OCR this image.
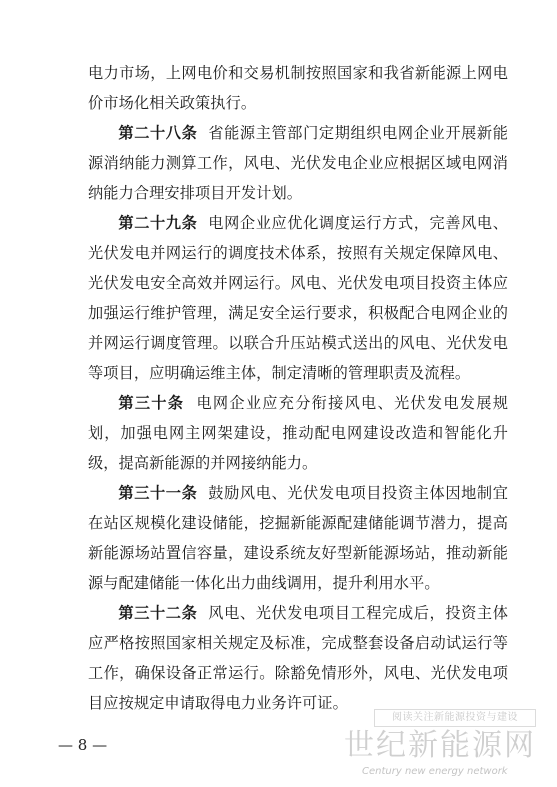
电力市场，上网电价和交易机制按照国家和我省新能源上网电价市场化相关政策执行。

第二十八条 省能源主管部门定期组织电网企业开展新能源消纳能力测算工作，风电、光伏发电企业应根据区域电网消纳能力合理安排项目开发计划。

第二十九条 电网企业应优化调度运行方式，完善风电、光伏发电并网运行的调度技术体系，按照有关规定保障风电、光伏发电安全高效并网运行。风电、光伏发电项目投资主体应加强运行维护管理，满足安全运行要求，积极配合电网企业的并网运行调度管理。以联合升压站模式送出的风电、光伏发电等项目，应明确运维主体，制定清晰的管理职责及流程。

第三十条 电网企业应充分衔接风电、光伏发电发展规划，加强电网主网架建设，推动配电网建设改造和智能化升级，提高新能源的并网接纳能力。

第三十一条 鼓励风电、光伏发电项目投资主体因地制宜在站区规模化建设储能，挖掘新能源配建储能调节潜力，提高新能源场站置信容量，建设系统友好型新能源场站，推动新能源与配建储能一体化出力曲线调用，提升利用水平。

第三十二条 风电、光伏发电项目工程完成后，投资主体应严格按照国家相关规定及标准，完成整套设备启动试运行等工作，确保设备正常运行。除豁免情形外，风电、光伏发电项目应按规定申请取得电力业务许可证。

— 8 —
阅读关注新能源投资与建设
世纪新能源网
Century new energy network
